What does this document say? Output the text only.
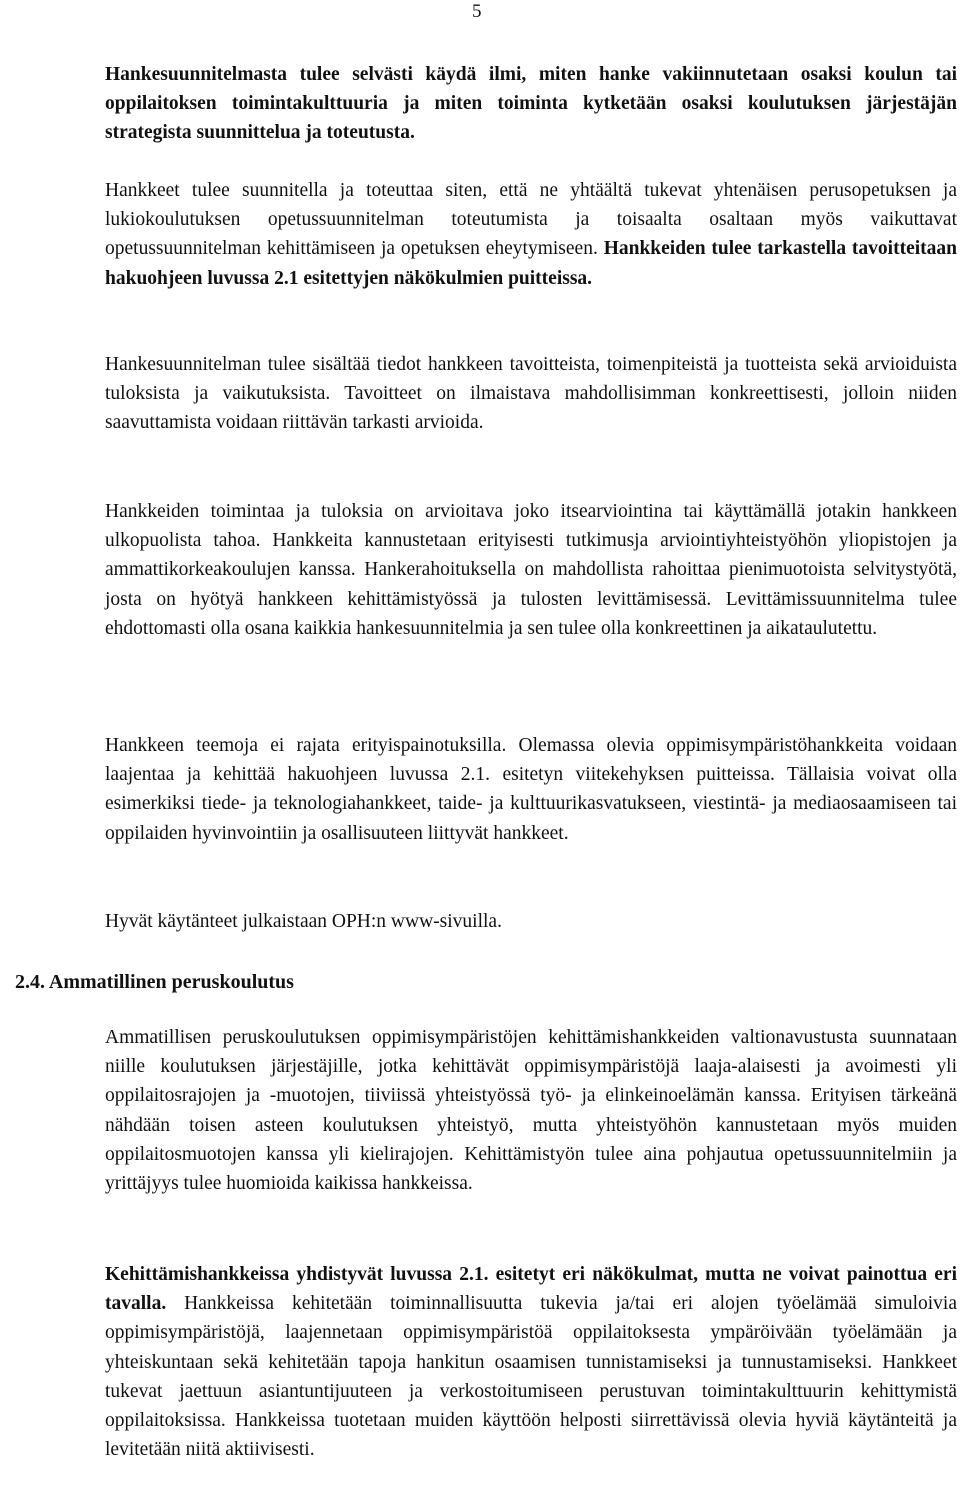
5

Hankesuunnitelmasta tulee selvästi käydä ilmi, miten hanke vakiinnutetaan osaksi koulun tai oppilaitoksen toimintakulttuuria ja miten toiminta kytketään osaksi koulutuksen järjestäjän strategista suunnittelua ja toteutusta.

Hankkeet tulee suunnitella ja toteuttaa siten, että ne yhtäältä tukevat yhtenäisen perusopetuksen ja lukiokoulutuksen opetussuunnitelman toteutumista ja toisaalta osaltaan myös vaikuttavat opetussuunnitelman kehittämiseen ja opetuksen eheytymiseen. Hankkeiden tulee tarkastella tavoitteitaan hakuohjeen luvussa 2.1 esitettyjen näkökulmien puitteissa.

Hankesuunnitelman tulee sisältää tiedot hankkeen tavoitteista, toimenpiteistä ja tuotteista sekä arvioiduista tuloksista ja vaikutuksista. Tavoitteet on ilmaistava mahdollisimman konkreettisesti, jolloin niiden saavuttamista voidaan riittävän tarkasti arvioida.

Hankkeiden toimintaa ja tuloksia on arvioitava joko itsearviointina tai käyttämällä jotakin hankkeen ulkopuolista tahoa. Hankkeita kannustetaan erityisesti tutkimusja arviointiyhteistyöhön yliopistojen ja ammattikorkeakoulujen kanssa. Hankerahoituksella on mahdollista rahoittaa pienimuotoista selvitystyötä, josta on hyötyä hankkeen kehittämistyössä ja tulosten levittämisessä. Levittämissuunnitelma tulee ehdottomasti olla osana kaikkia hankesuunnitelmia ja sen tulee olla konkreettinen ja aikataulutettu.

Hankkeen teemoja ei rajata erityispainotuksilla. Olemassa olevia oppimisympäristöhankkeita voidaan laajentaa ja kehittää hakuohjeen luvussa 2.1. esitetyn viitekehyksen puitteissa. Tällaisia voivat olla esimerkiksi tiede- ja teknologiahankkeet, taide- ja kulttuurikasvatukseen, viestintä- ja mediaosaamiseen tai oppilaiden hyvinvointiin ja osallisuuteen liittyvät hankkeet.

Hyvät käytänteet julkaistaan OPH:n www-sivuilla.

2.4. Ammatillinen peruskoulutus

Ammatillisen peruskoulutuksen oppimisympäristöjen kehittämishankkeiden valtionavustusta suunnataan niille koulutuksen järjestäjille, jotka kehittävät oppimisympäristöjä laaja-alaisesti ja avoimesti yli oppilaitosrajojen ja -muotojen, tiiviissä yhteistyössä työ- ja elinkeinoelämän kanssa. Erityisen tärkeänä nähdään toisen asteen koulutuksen yhteistyö, mutta yhteistyöhön kannustetaan myös muiden oppilaitosmuotojen kanssa yli kielirajojen. Kehittämistyön tulee aina pohjautua opetussuunnitelmiin ja yrittäjyys tulee huomioida kaikissa hankkeissa.

Kehittämishankkeissa yhdistyvät luvussa 2.1. esitetyt eri näkökulmat, mutta ne voivat painottua eri tavalla. Hankkeissa kehitetään toiminnallisuutta tukevia ja/tai eri alojen työelämää simuloivia oppimisympäristöjä, laajennetaan oppimisympäristöä oppilaitoksesta ympäröivään työelämään ja yhteiskuntaan sekä kehitetään tapoja hankitun osaamisen tunnistamiseksi ja tunnustamiseksi. Hankkeet tukevat jaettuun asiantuntijuuteen ja verkostoitumiseen perustuvan toimintakulttuurin kehittymistä oppilaitoksissa. Hankkeissa tuotetaan muiden käyttöön helposti siirrettävissä olevia hyviä käytänteitä ja levitetään niitä aktiivisesti.
